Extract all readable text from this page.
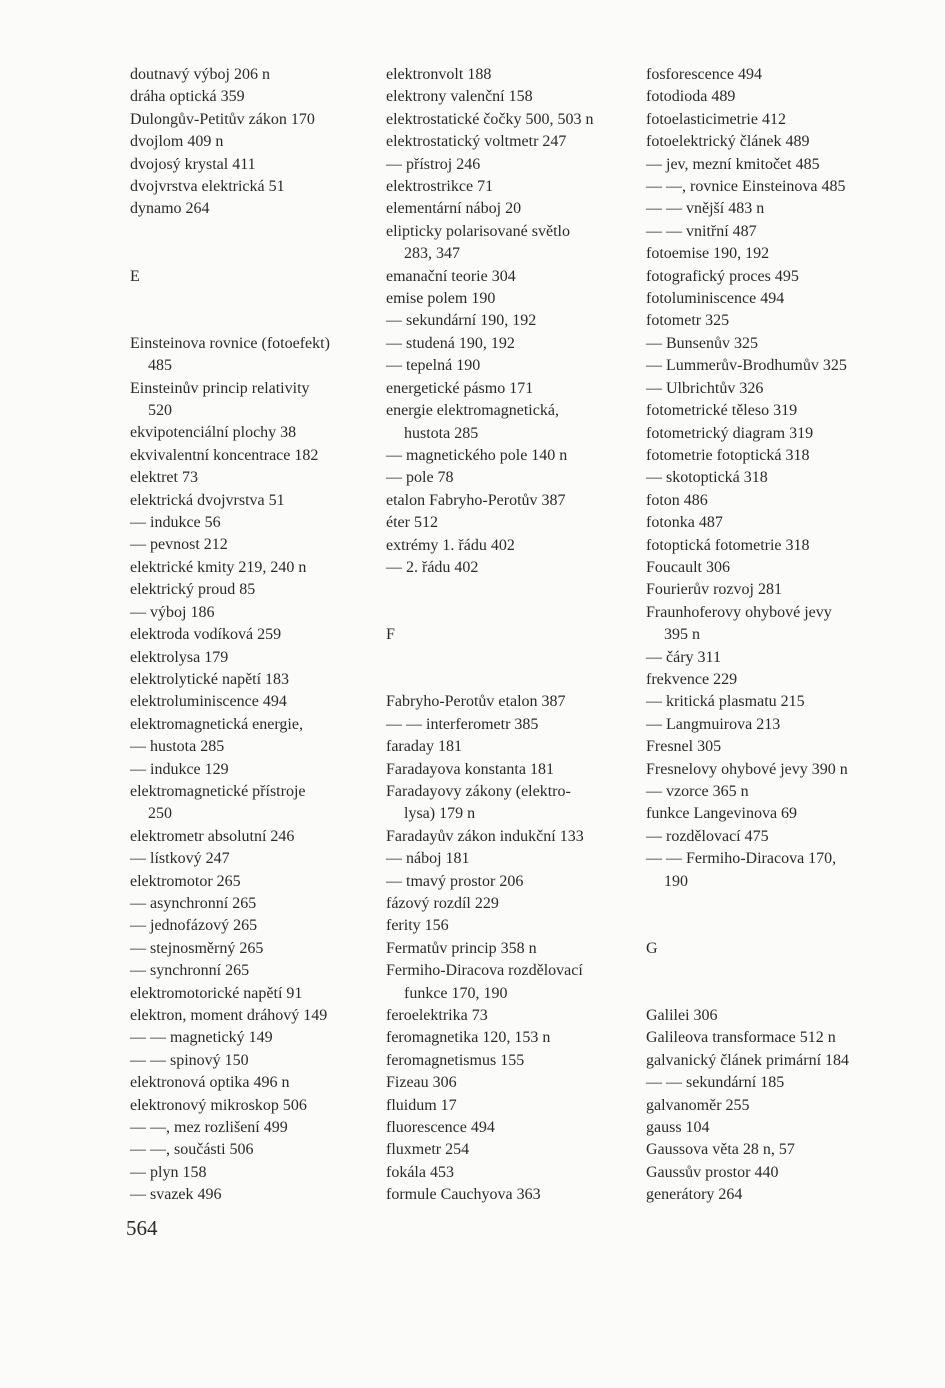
doutnavý výboj 206 n
dráha optická 359
Dulongův-Petitův zákon 170
dvojlom 409 n
dvojosý krystal 411
dvojvrstva elektrická 51
dynamo 264
E
Einsteinova rovnice (fotoefekt)
485
Einsteinův princip relativity
520
ekvipotenciální plochy 38
ekvivalentní koncentrace 182
elektret 73
elektrická dvojvrstva 51
— indukce 56
— pevnost 212
elektrické kmity 219, 240 n
elektrický proud 85
— výboj 186
elektroda vodíková 259
elektrolysa 179
elektrolytické napětí 183
elektroluminiscence 494
elektromagnetická energie,
— hustota 285
— indukce 129
elektromagnetické přístroje
250
elektrometr absolutní 246
— lístkový 247
elektromotor 265
— asynchronní 265
— jednofázový 265
— stejnosměrný 265
— synchronní 265
elektromotorické napětí 91
elektron, moment dráhový 149
— — magnetický 149
— — spinový 150
elektronová optika 496 n
elektronový mikroskop 506
— —, mez rozlišení 499
— —, součásti 506
— plyn 158
— svazek 496
elektronvolt 188
elektrony valenční 158
elektrostatické čočky 500, 503 n
elektrostatický voltmetr 247
— přístroj 246
elektrostrikce 71
elementární náboj 20
elipticky polarisované světlo
283, 347
emanační teorie 304
emise polem 190
— sekundární 190, 192
— studená 190, 192
— tepelná 190
energetické pásmo 171
energie elektromagnetická,
hustota 285
— magnetického pole 140 n
— pole 78
etalon Fabryho-Perotův 387
éter 512
extrémy 1. řádu 402
— 2. řádu 402
F
Fabryho-Perotův etalon 387
— — interferometr 385
faraday 181
Faradayova konstanta 181
Faradayovy zákony (elektro-
lysa) 179 n
Faradayův zákon indukční 133
— náboj 181
— tmavý prostor 206
fázový rozdíl 229
ferity 156
Fermatův princip 358 n
Fermiho-Diracova rozdělovací
funkce 170, 190
feroelektrika 73
feromagnetika 120, 153 n
feromagnetismus 155
Fizeau 306
fluidum 17
fluorescence 494
fluxmetr 254
fokála 453
formule Cauchyova 363
fosforescence 494
fotodioda 489
fotoelasticimetrie 412
fotoelektrický článek 489
— jev, mezní kmitočet 485
— —, rovnice Einsteinova 485
— — vnější 483 n
— — vnitřní 487
fotoemise 190, 192
fotografický proces 495
fotoluminiscence 494
fotometr 325
— Bunsenův 325
— Lummerův-Brodhumův 325
— Ulbrichtův 326
fotometrické těleso 319
fotometrický diagram 319
fotometrie fotoptická 318
— skotoptická 318
foton 486
fotonka 487
fotoptická fotometrie 318
Foucault 306
Fourierův rozvoj 281
Fraunhoferovy ohybové jevy
395 n
— čáry 311
frekvence 229
— kritická plasmatu 215
— Langmuirova 213
Fresnel 305
Fresnelovy ohybové jevy 390 n
— vzorce 365 n
funkce Langevinova 69
— rozdělovací 475
— — Fermiho-Diracova 170,
190
G
Galilei 306
Galileova transformace 512 n
galvanický článek primární 184
— — sekundární 185
galvanoměr 255
gauss 104
Gaussova věta 28 n, 57
Gaussův prostor 440
generátory 264
564
